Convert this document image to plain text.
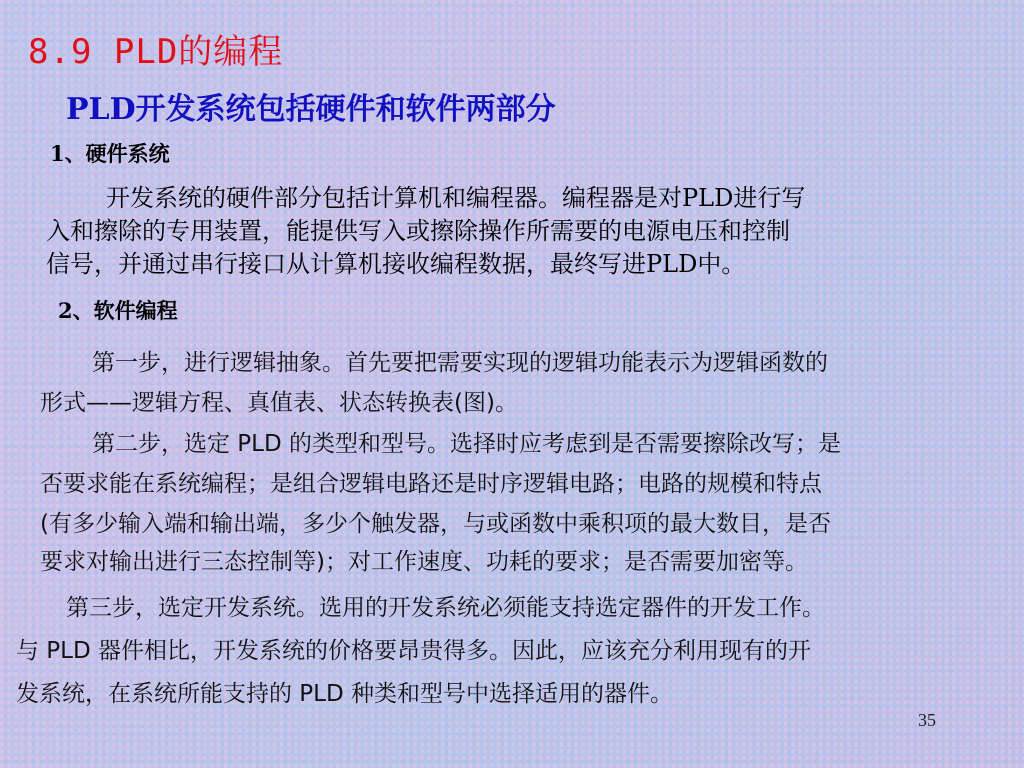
8.9 PLD的编程
PLD开发系统包括硬件和软件两部分
1、硬件系统
开发系统的硬件部分包括计算机和编程器。编程器是对PLD进行写
入和擦除的专用装置，能提供写入或擦除操作所需要的电源电压和控制
信号，并通过串行接口从计算机接收编程数据，最终写进PLD中。
2、软件编程
第一步，进行逻辑抽象。首先要把需要实现的逻辑功能表示为逻辑函数的
形式——逻辑方程、真值表、状态转换表(图)。
第二步，选定 PLD 的类型和型号。选择时应考虑到是否需要擦除改写；是
否要求能在系统编程；是组合逻辑电路还是时序逻辑电路；电路的规模和特点
(有多少输入端和输出端，多少个触发器，与或函数中乘积项的最大数目，是否
要求对输出进行三态控制等)；对工作速度、功耗的要求；是否需要加密等。
第三步，选定开发系统。选用的开发系统必须能支持选定器件的开发工作。
与 PLD 器件相比，开发系统的价格要昂贵得多。因此，应该充分利用现有的开
发系统，在系统所能支持的 PLD 种类和型号中选择适用的器件。
35
